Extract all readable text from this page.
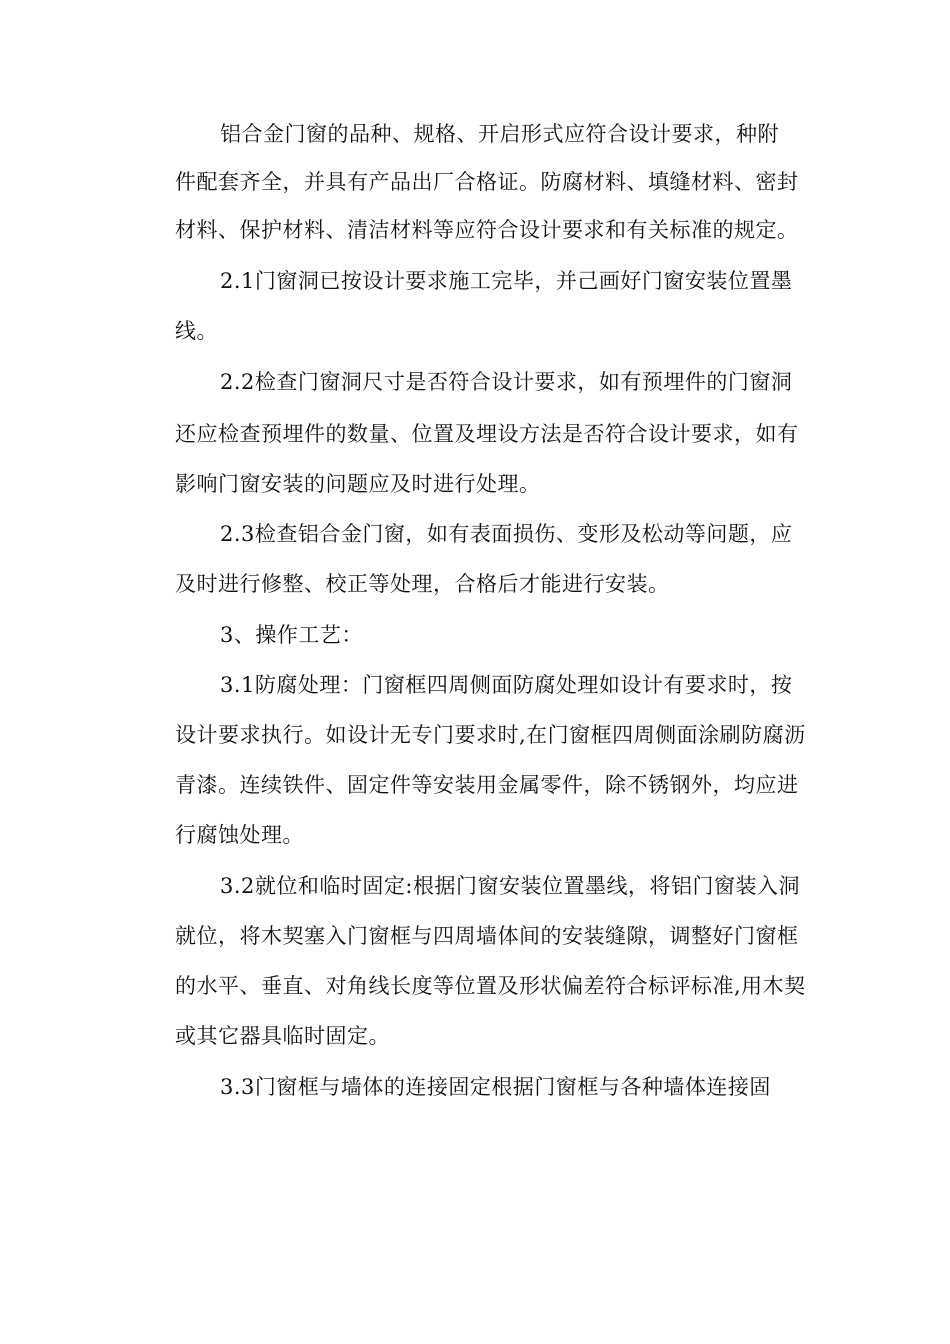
铝合金门窗的品种、规格、开启形式应符合设计要求，种附
件配套齐全，并具有产品出厂合格证。防腐材料、填缝材料、密封
材料、保护材料、清洁材料等应符合设计要求和有关标准的规定。
2.1门窗洞已按设计要求施工完毕，并己画好门窗安装位置墨
线。
2.2检查门窗洞尺寸是否符合设计要求，如有预埋件的门窗洞
还应检查预埋件的数量、位置及埋设方法是否符合设计要求，如有
影响门窗安装的问题应及时进行处理。
2.3检查铝合金门窗，如有表面损伤、变形及松动等问题，应
及时进行修整、校正等处理，合格后才能进行安装。
3、操作工艺：
3.1防腐处理：门窗框四周侧面防腐处理如设计有要求时，按
设计要求执行。如设计无专门要求时,在门窗框四周侧面涂刷防腐沥
青漆。连续铁件、固定件等安装用金属零件，除不锈钢外，均应进
行腐蚀处理。
3.2就位和临时固定:根据门窗安装位置墨线，将铝门窗装入洞
就位，将木契塞入门窗框与四周墙体间的安装缝隙，调整好门窗框
的水平、垂直、对角线长度等位置及形状偏差符合标评标准,用木契
或其它器具临时固定。
3.3门窗框与墙体的连接固定根据门窗框与各种墙体连接固
